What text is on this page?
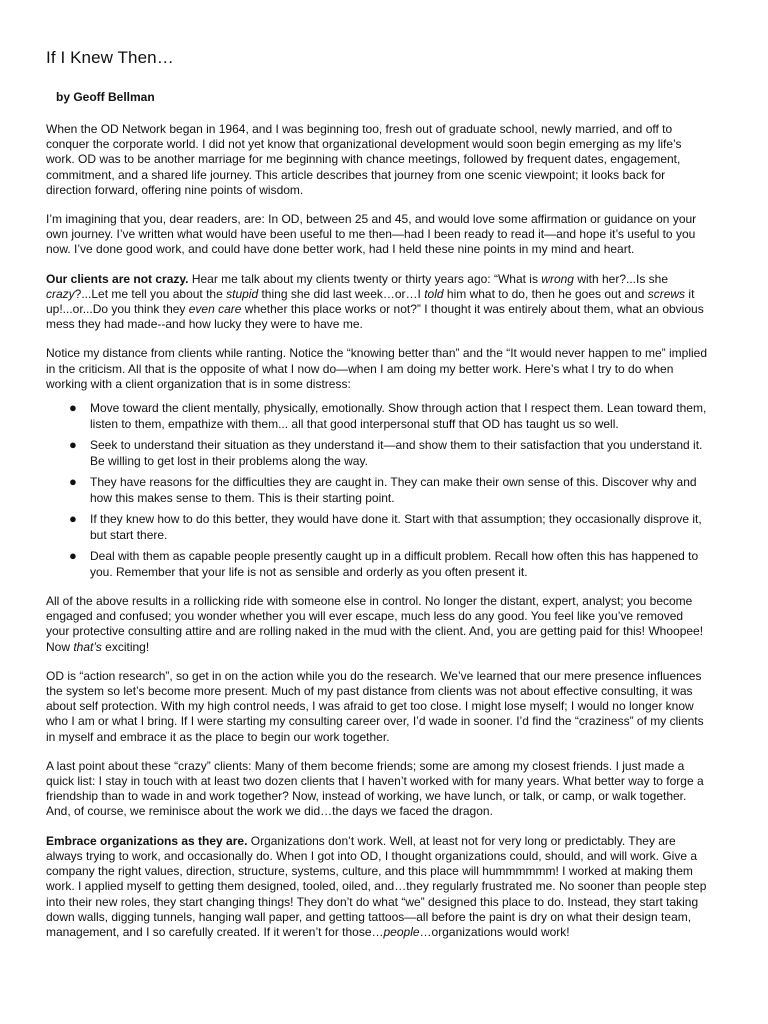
If I Knew Then…
by Geoff Bellman

When the OD Network began in 1964, and I was beginning too, fresh out of graduate school, newly married, and off to conquer the corporate world. I did not yet know that organizational development would soon begin emerging as my life’s work. OD was to be another marriage for me beginning with chance meetings, followed by frequent dates, engagement, commitment, and a shared life journey. This article describes that journey from one scenic viewpoint; it looks back for direction forward, offering nine points of wisdom.

I’m imagining that you, dear readers, are: In OD, between 25 and 45, and would love some affirmation or guidance on your own journey. I’ve written what would have been useful to me then—had I been ready to read it—and hope it’s useful to you now. I’ve done good work, and could have done better work, had I held these nine points in my mind and heart.

Our clients are not crazy. Hear me talk about my clients twenty or thirty years ago: “What is wrong with her?...Is she crazy?...Let me tell you about the stupid thing she did last week…or…I told him what to do, then he goes out and screws it up!...or...Do you think they even care whether this place works or not?” I thought it was entirely about them, what an obvious mess they had made--and how lucky they were to have me.

Notice my distance from clients while ranting. Notice the “knowing better than” and the “It would never happen to me” implied in the criticism. All that is the opposite of what I now do—when I am doing my better work. Here’s what I try to do when working with a client organization that is in some distress:

● Move toward the client mentally, physically, emotionally. Show through action that I respect them. Lean toward them, listen to them, empathize with them... all that good interpersonal stuff that OD has taught us so well.
● Seek to understand their situation as they understand it—and show them to their satisfaction that you understand it. Be willing to get lost in their problems along the way.
● They have reasons for the difficulties they are caught in. They can make their own sense of this. Discover why and how this makes sense to them. This is their starting point.
● If they knew how to do this better, they would have done it. Start with that assumption; they occasionally disprove it, but start there.
● Deal with them as capable people presently caught up in a difficult problem. Recall how often this has happened to you. Remember that your life is not as sensible and orderly as you often present it.

All of the above results in a rollicking ride with someone else in control. No longer the distant, expert, analyst; you become engaged and confused; you wonder whether you will ever escape, much less do any good. You feel like you’ve removed your protective consulting attire and are rolling naked in the mud with the client. And, you are getting paid for this! Whoopee! Now that’s exciting!

OD is “action research”, so get in on the action while you do the research. We’ve learned that our mere presence influences the system so let’s become more present. Much of my past distance from clients was not about effective consulting, it was about self protection. With my high control needs, I was afraid to get too close. I might lose myself; I would no longer know who I am or what I bring. If I were starting my consulting career over, I’d wade in sooner. I’d find the “craziness” of my clients in myself and embrace it as the place to begin our work together.

A last point about these “crazy” clients: Many of them become friends; some are among my closest friends. I just made a quick list: I stay in touch with at least two dozen clients that I haven’t worked with for many years. What better way to forge a friendship than to wade in and work together? Now, instead of working, we have lunch, or talk, or camp, or walk together. And, of course, we reminisce about the work we did…the days we faced the dragon.

Embrace organizations as they are. Organizations don’t work. Well, at least not for very long or predictably. They are always trying to work, and occasionally do. When I got into OD, I thought organizations could, should, and will work. Give a company the right values, direction, structure, systems, culture, and this place will hummmmmm! I worked at making them work. I applied myself to getting them designed, tooled, oiled, and…they regularly frustrated me. No sooner than people step into their new roles, they start changing things! They don’t do what “we” designed this place to do. Instead, they start taking down walls, digging tunnels, hanging wall paper, and getting tattoos—all before the paint is dry on what their design team, management, and I so carefully created. If it weren’t for those…people…organizations would work!
